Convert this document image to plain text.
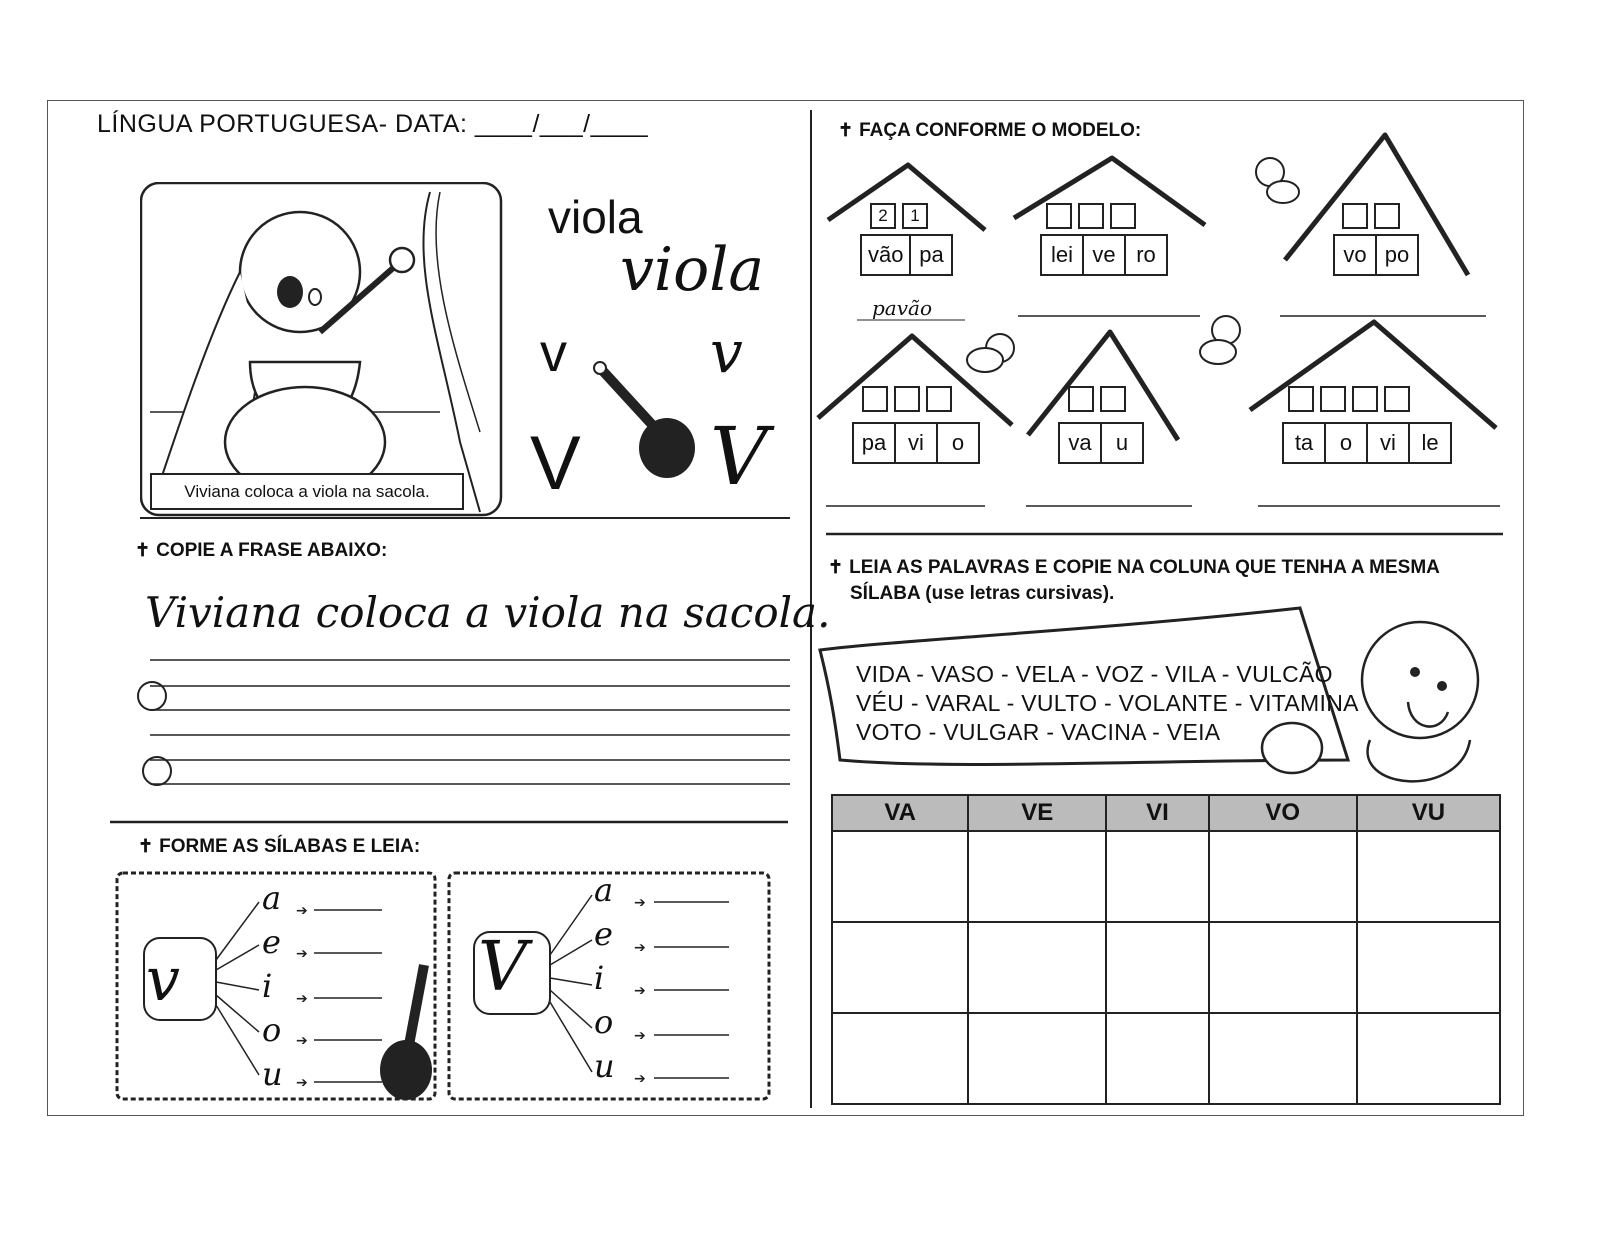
LÍNGUA PORTUGUESA- DATA: ____/___/____
Viviana coloca a viola na sacola.
viola
viola
v
V
v
V
✝ COPIE A FRASE ABAIXO:
Viviana coloca a viola na sacola.
✝ FORME AS SÍLABAS E LEIA:
➔
➔
➔
➔
➔
➔
➔
➔
➔
➔
v	V
a
e
i
o
u
a
e
i
o
u
✝ FAÇA CONFORME O MODELO:
2 1
vão pa	lei ve ro	vo po
pavão
pa vi	o	va	u	ta	o	vi	le
✝ LEIA AS PALAVRAS E COPIE NA COLUNA QUE TENHA A MESMA
SÍLABA (use letras cursivas).
VIDA - VASO - VELA - VOZ - VILA - VULCÃO
VÉU - VARAL - VULTO - VOLANTE - VITAMINA
VOTO - VULGAR - VACINA - VEIA
VA	VE	VI	VO	VU
